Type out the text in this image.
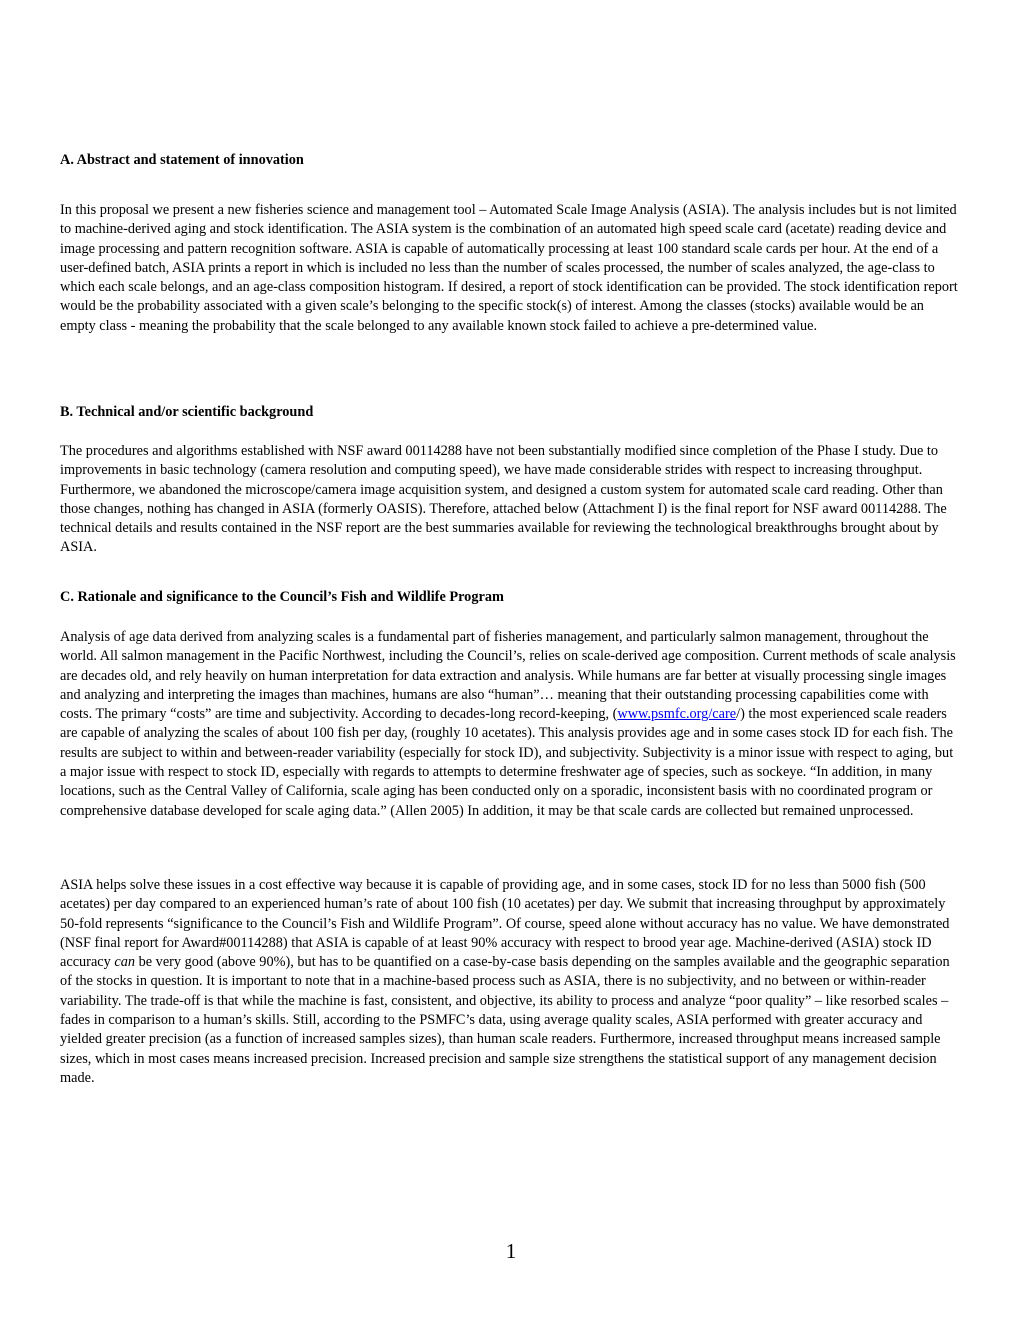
A. Abstract and statement of innovation

In this proposal we present a new fisheries science and management tool – Automated Scale Image Analysis (ASIA). The analysis includes but is not limited to machine-derived aging and stock identification. The ASIA system is the combination of an automated high speed scale card (acetate) reading device and image processing and pattern recognition software. ASIA is capable of automatically processing at least 100 standard scale cards per hour. At the end of a user-defined batch, ASIA prints a report in which is included no less than the number of scales processed, the number of scales analyzed, the age-class to which each scale belongs, and an age-class composition histogram. If desired, a report of stock identification can be provided. The stock identification report would be the probability associated with a given scale’s belonging to the specific stock(s) of interest. Among the classes (stocks) available would be an empty class - meaning the probability that the scale belonged to any available known stock failed to achieve a pre-determined value.

B. Technical and/or scientific background

The procedures and algorithms established with NSF award 00114288 have not been substantially modified since completion of the Phase I study. Due to improvements in basic technology (camera resolution and computing speed), we have made considerable strides with respect to increasing throughput. Furthermore, we abandoned the microscope/camera image acquisition system, and designed a custom system for automated scale card reading. Other than those changes, nothing has changed in ASIA (formerly OASIS). Therefore, attached below (Attachment I) is the final report for NSF award 00114288. The technical details and results contained in the NSF report are the best summaries available for reviewing the technological breakthroughs brought about by ASIA.

C. Rationale and significance to the Council’s Fish and Wildlife Program

Analysis of age data derived from analyzing scales is a fundamental part of fisheries management, and particularly salmon management, throughout the world. All salmon management in the Pacific Northwest, including the Council’s, relies on scale-derived age composition. Current methods of scale analysis are decades old, and rely heavily on human interpretation for data extraction and analysis. While humans are far better at visually processing single images and analyzing and interpreting the images than machines, humans are also “human”… meaning that their outstanding processing capabilities come with costs. The primary “costs” are time and subjectivity. According to decades-long record-keeping, (www.psmfc.org/care/) the most experienced scale readers are capable of analyzing the scales of about 100 fish per day, (roughly 10 acetates). This analysis provides age and in some cases stock ID for each fish. The results are subject to within and between-reader variability (especially for stock ID), and subjectivity. Subjectivity is a minor issue with respect to aging, but a major issue with respect to stock ID, especially with regards to attempts to determine freshwater age of species, such as sockeye. “In addition, in many locations, such as the Central Valley of California, scale aging has been conducted only on a sporadic, inconsistent basis with no coordinated program or comprehensive database developed for scale aging data.” (Allen 2005) In addition, it may be that scale cards are collected but remained unprocessed.

ASIA helps solve these issues in a cost effective way because it is capable of providing age, and in some cases, stock ID for no less than 5000 fish (500 acetates) per day compared to an experienced human’s rate of about 100 fish (10 acetates) per day. We submit that increasing throughput by approximately 50-fold represents “significance to the Council’s Fish and Wildlife Program”. Of course, speed alone without accuracy has no value. We have demonstrated (NSF final report for Award#00114288) that ASIA is capable of at least 90% accuracy with respect to brood year age. Machine-derived (ASIA) stock ID accuracy can be very good (above 90%), but has to be quantified on a case-by-case basis depending on the samples available and the geographic separation of the stocks in question. It is important to note that in a machine-based process such as ASIA, there is no subjectivity, and no between or within-reader variability. The trade-off is that while the machine is fast, consistent, and objective, its ability to process and analyze “poor quality” – like resorbed scales – fades in comparison to a human’s skills. Still, according to the PSMFC’s data, using average quality scales, ASIA performed with greater accuracy and yielded greater precision (as a function of increased samples sizes), than human scale readers. Furthermore, increased throughput means increased sample sizes, which in most cases means increased precision. Increased precision and sample size strengthens the statistical support of any management decision made.

1
